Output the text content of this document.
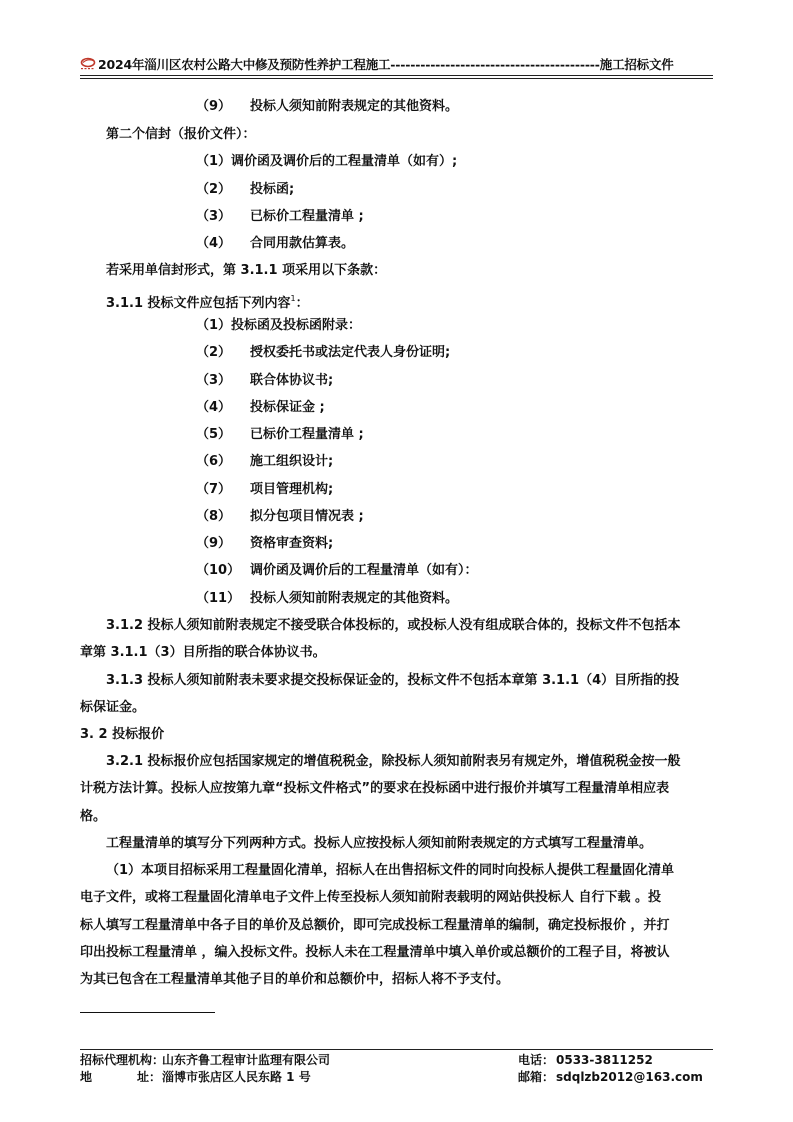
2024年淄川区农村公路大中修及预防性养护工程施工------------------------------------------施工招标文件
（9） 投标人须知前附表规定的其他资料。
第二个信封（报价文件）：
（1）调价函及调价后的工程量清单（如有）;
（2） 投标函;
（3） 已标价工程量清单 ;
（4） 合同用款估算表。
若采用单信封形式，第 3.1.1 项采用以下条款：
3.1.1 投标文件应包括下列内容$^1$：
（1）投标函及投标函附录：
（2） 授权委托书或法定代表人身份证明;
（3） 联合体协议书;
（4） 投标保证金 ;
（5） 已标价工程量清单 ;
（6） 施工组织设计;
（7） 项目管理机构;
（8） 拟分包项目情况表 ;
（9） 资格审查资料;
（10） 调价函及调价后的工程量清单（如有）：
（11） 投标人须知前附表规定的其他资料。
3.1.2 投标人须知前附表规定不接受联合体投标的，或投标人没有组成联合体的，投标文件不包括本
章第 3.1.1（3）目所指的联合体协议书。
3.1.3 投标人须知前附表未要求提交投标保证金的，投标文件不包括本章第 3.1.1（4）目所指的投
标保证金。
3. 2 投标报价
3.2.1 投标报价应包括国家规定的增值税税金，除投标人须知前附表另有规定外，增值税税金按一般
计税方法计算。投标人应按第九章“投标文件格式”的要求在投标函中进行报价并填写工程量清单相应表
格。
工程量清单的填写分下列两种方式。投标人应按投标人须知前附表规定的方式填写工程量清单。
（1）本项目招标采用工程量固化清单，招标人在出售招标文件的同时向投标人提供工程量固化清单
电子文件，或将工程量固化清单电子文件上传至投标人须知前附表载明的网站供投标人 自行下载 。投
标人填写工程量清单中各子目的单价及总额价，即可完成投标工程量清单的编制，确定投标报价 ，并打
印出投标工程量清单 ，编入投标文件。投标人未在工程量清单中填入单价或总额价的工程子目，将被认
为其已包含在工程量清单其他子目的单价和总额价中，招标人将不予支付。
招标代理机构：
山东齐鲁工程审计监理有限公司	电话： 0533-3811252
地	址： 淄博市张店区人民东路 1 号	邮箱： sdqlzb2012@163.com
